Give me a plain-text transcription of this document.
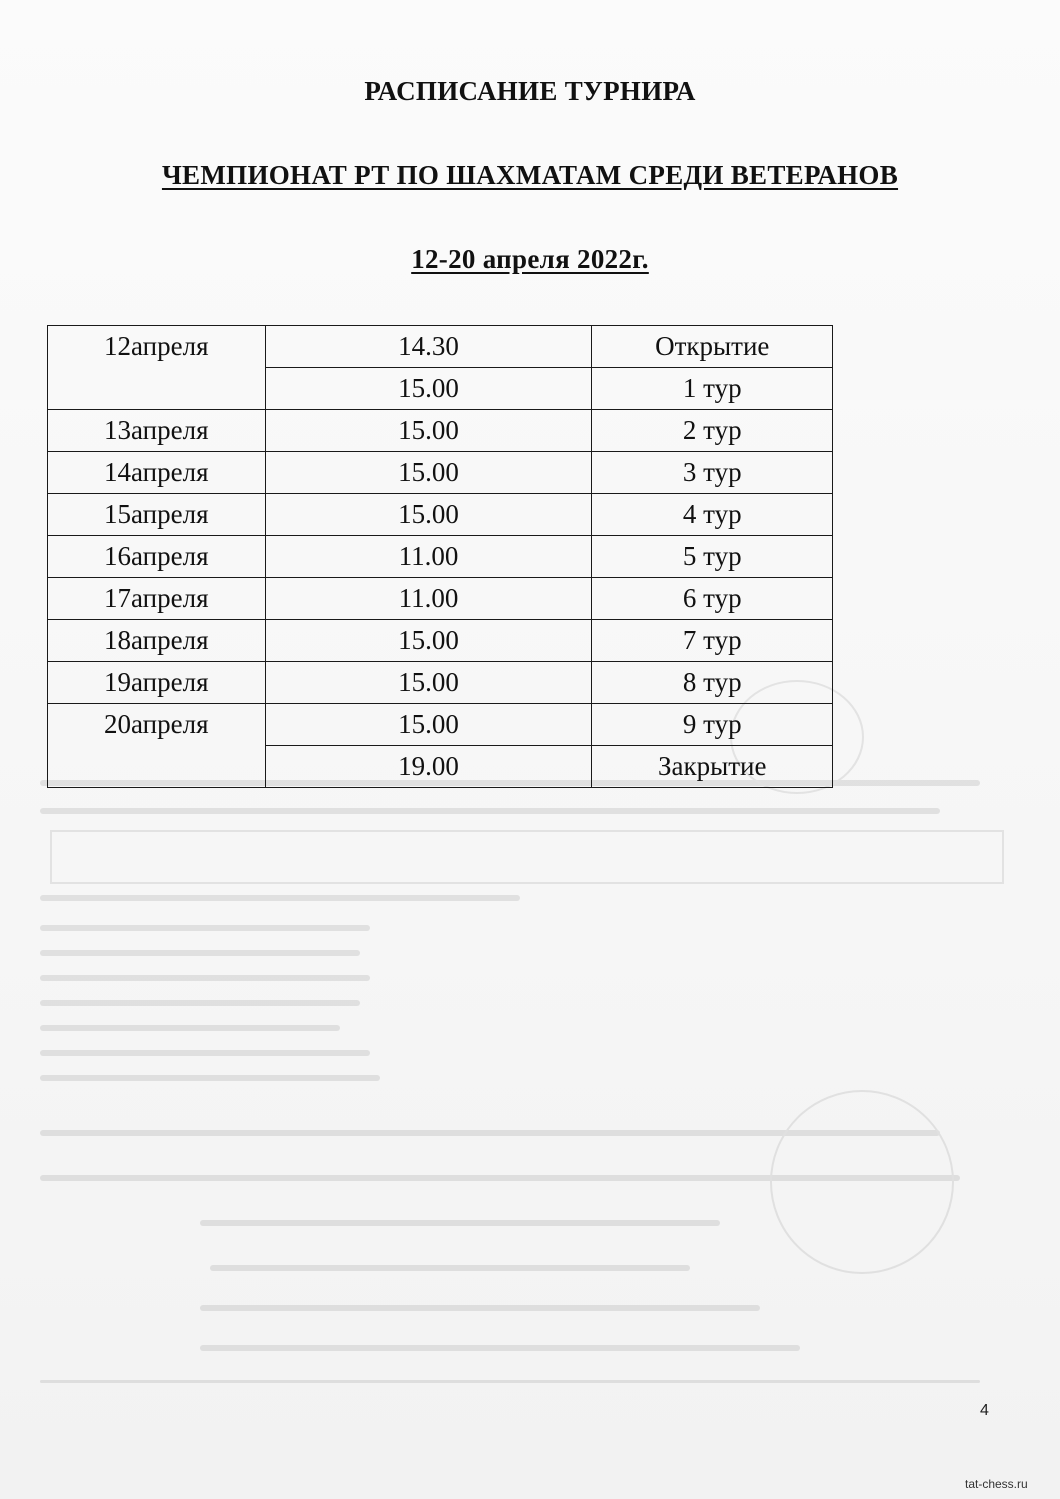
РАСПИСАНИЕ ТУРНИРА
ЧЕМПИОНАТ РТ ПО ШАХМАТАМ СРЕДИ ВЕТЕРАНОВ
12-20 апреля 2022г.
12апреля	14.30	Открытие
	15.00	1 тур
13апреля	15.00	2 тур
14апреля	15.00	3 тур
15апреля	15.00	4 тур
16апреля	11.00	5 тур
17апреля	11.00	6 тур
18апреля	15.00	7 тур
19апреля	15.00	8 тур
20апреля	15.00	9 тур
	19.00	Закрытие
4
tat-chess.ru
